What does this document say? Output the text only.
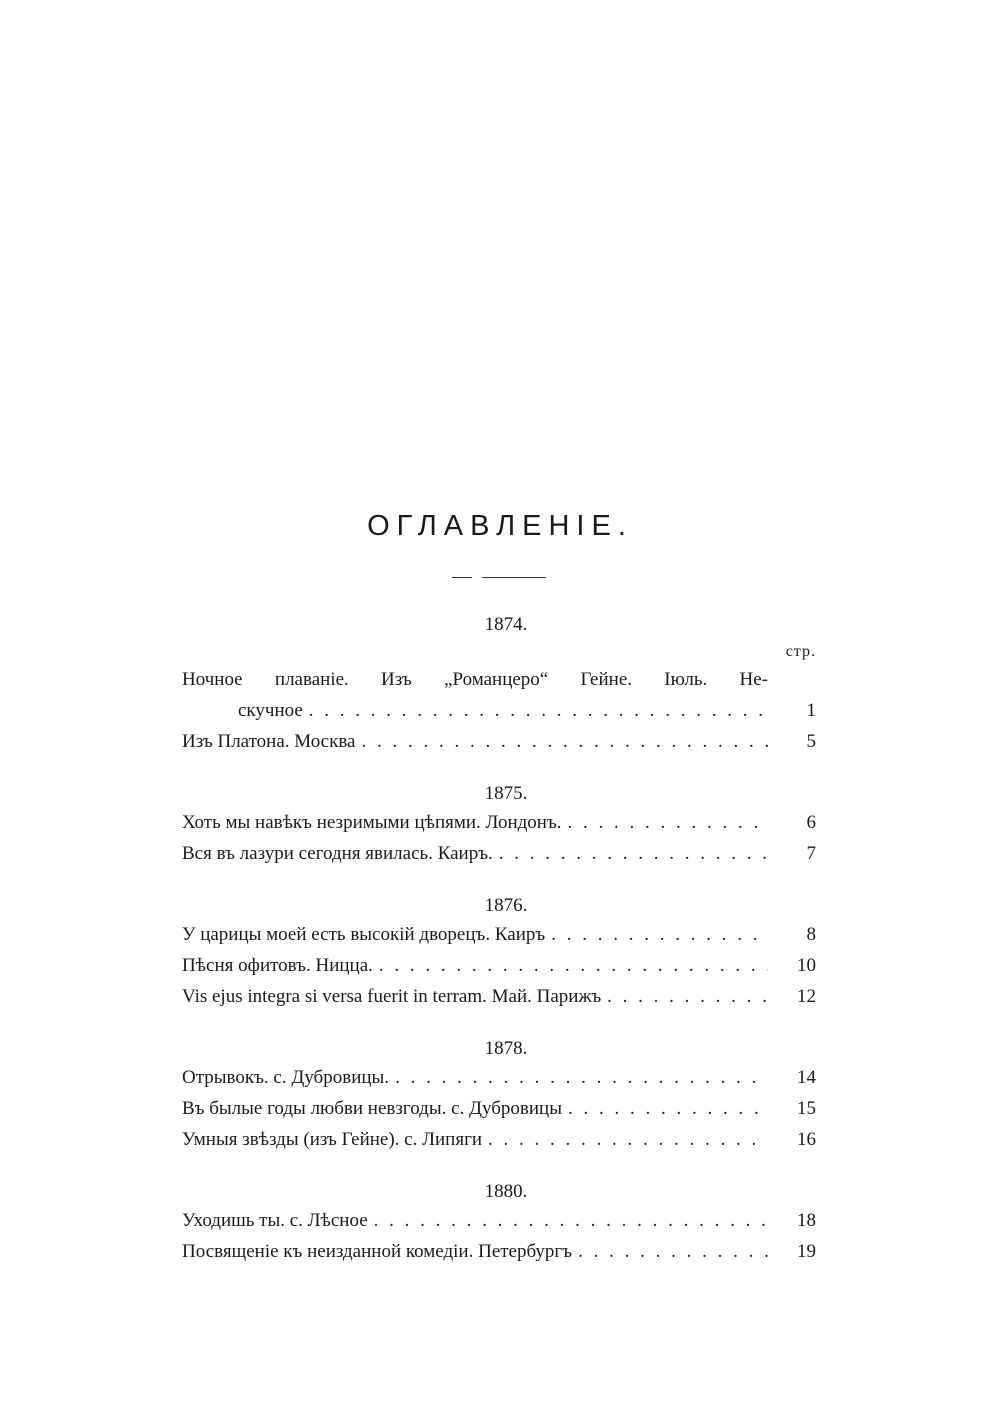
ОГЛАВЛЕНІЕ.
1874.
стр.
Ночное плаваніе. Изъ „Романцеро“ Гейне. Іюль. Не-
скучное . . .	1
Изъ Платона. Москва . . .	5
1875.
Хоть мы навѣкъ незримыми цѣпями. Лондонъ. . . .	6
Вся въ лазури сегодня явилась. Каиръ. . . .	7
1876.
У царицы моей есть высокій дворецъ. Каиръ . . .	8
Пѣсня офитовъ. Ницца. . . .	10
Vis ejus integra si versa fuerit in terram. Май. Парижъ . . .	12
1878.
Отрывокъ. с. Дубровицы. . . .	14
Въ былые годы любви невзгоды. с. Дубровицы . . .	15
Умныя звѣзды (изъ Гейне). с. Липяги . . .	16
1880.
Уходишь ты. с. Лѣсное . . .	18
Посвященіе къ неизданной комедіи. Петербургъ . . .	19
